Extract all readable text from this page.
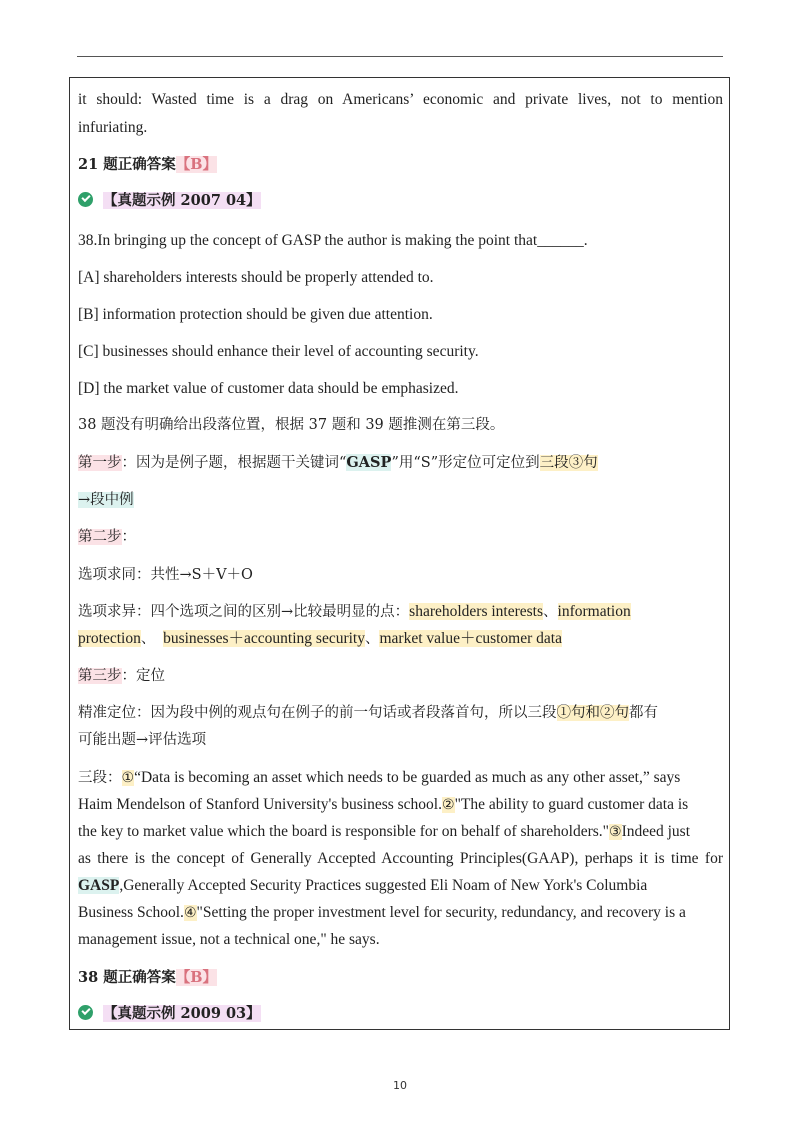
it should: Wasted time is a drag on Americans’ economic and private lives, not to mention
infuriating.
21 题正确答案【B】
【真题示例 2007 04】
38.In bringing up the concept of GASP the author is making the point that______.
[A] shareholders interests should be properly attended to.
[B] information protection should be given due attention.
[C] businesses should enhance their level of accounting security.
[D] the market value of customer data should be emphasized.
38 题没有明确给出段落位置，根据 37 题和 39 题推测在第三段。
第一步：因为是例子题，根据题干关键词“GASP”用“S”形定位可定位到三段③句
→段中例
第二步：
选项求同：共性→S＋V＋O
选项求异：四个选项之间的区别→比较最明显的点：shareholders interests、information
protection、 businesses＋accounting security、market value＋customer data
第三步：定位
精准定位：因为段中例的观点句在例子的前一句话或者段落首句，所以三段①句和②句都有
可能出题→评估选项
三段：①“Data is becoming an asset which needs to be guarded as much as any other asset,” says
Haim Mendelson of Stanford University's business school.②"The ability to guard customer data is
the key to market value which the board is responsible for on behalf of shareholders."③Indeed just
as there is the concept of Generally Accepted Accounting Principles(GAAP), perhaps it is time for
GASP,Generally Accepted Security Practices suggested Eli Noam of New York's Columbia
Business School.④"Setting the proper investment level for security, redundancy, and recovery is a
management issue, not a technical one," he says.
38 题正确答案【B】
【真题示例 2009 03】
10
